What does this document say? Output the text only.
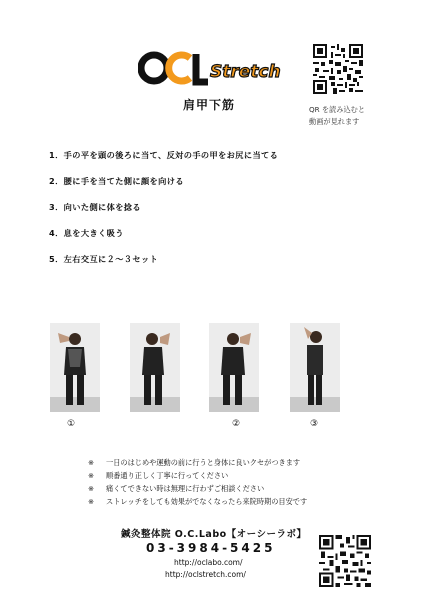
Stretch
QR を読み込むと
動画が見れます
肩甲下筋
1．手の平を頭の後ろに当て、反対の手の甲をお尻に当てる
2．腰に手を当てた側に顔を向ける
3．向いた側に体を捻る
4．息を大きく吸う
5．左右交互に２～３セット
①	②	③
※ 一日のはじめや運動の前に行うと身体に良いクセがつきます
※ 順番通り正しく丁寧に行ってください
※ 痛くてできない時は無理に行わずご相談ください
※ ストレッチをしても効果がでなくなったら来院時期の目安です
鍼灸整体院 O.C.Labo【オーシーラボ】
03-3984-5425
http://oclabo.com/
http://oclstretch.com/
